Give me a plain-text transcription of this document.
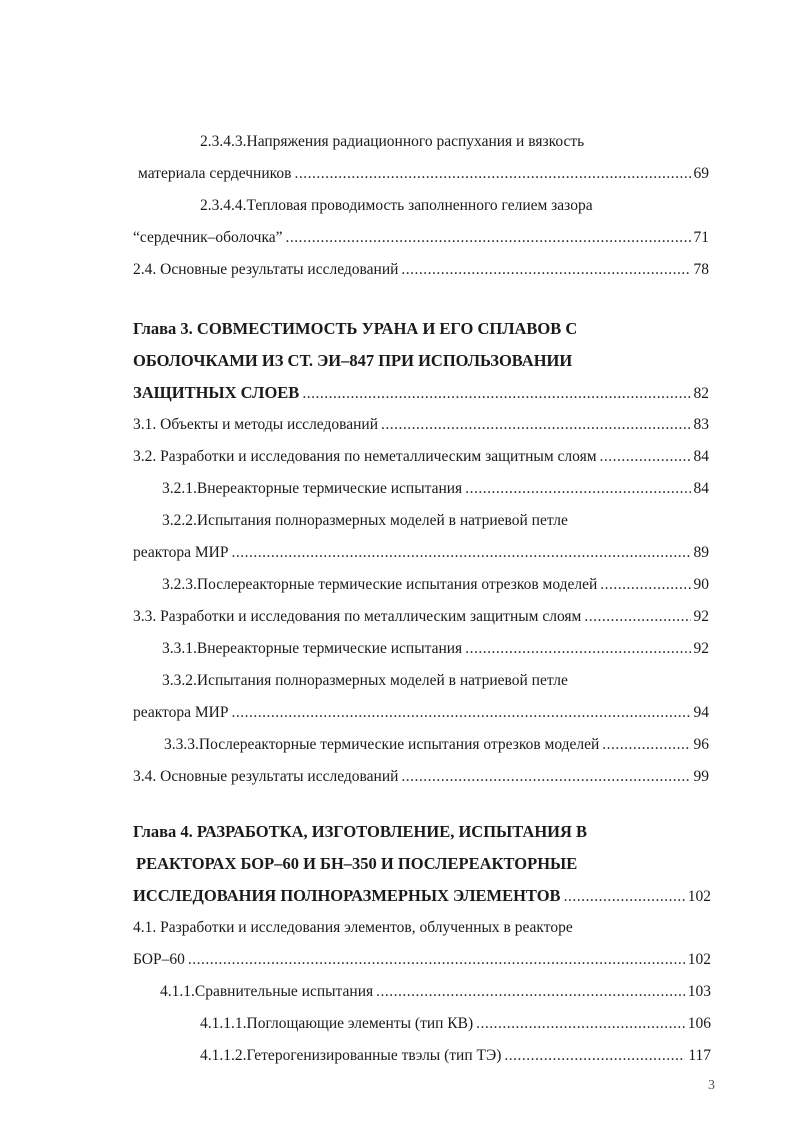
2.3.4.3.Напряжения радиационного распухания и вязкость
материала сердечников .....	69
2.3.4.4.Тепловая проводимость заполненного гелием зазора
“сердечник–оболочка” .....	71
2.4. Основные результаты исследований .....	78
Глава 3. СОВМЕСТИМОСТЬ УРАНА И ЕГО СПЛАВОВ С
ОБОЛОЧКАМИ ИЗ СТ. ЭИ–847 ПРИ ИСПОЛЬЗОВАНИИ
ЗАЩИТНЫХ СЛОЕВ .....	82
3.1. Объекты и методы исследований .....	83
3.2. Разработки и исследования по неметаллическим защитным слоям .....	84
3.2.1.Внереакторные термические испытания .....	84
3.2.2.Испытания полноразмерных моделей в натриевой петле
реактора МИР .....	89
3.2.3.Послереакторные термические испытания отрезков моделей .....	90
3.3. Разработки и исследования по металлическим защитным слоям .....	92
3.3.1.Внереакторные термические испытания .....	92
3.3.2.Испытания полноразмерных моделей в натриевой петле
реактора МИР .....	94
3.3.3.Послереакторные термические испытания отрезков моделей .....	96
3.4. Основные результаты исследований .....	99
Глава 4. РАЗРАБОТКА, ИЗГОТОВЛЕНИЕ, ИСПЫТАНИЯ В
РЕАКТОРАХ БОР–60 И БН–350 И ПОСЛЕРЕАКТОРНЫЕ
ИССЛЕДОВАНИЯ ПОЛНОРАЗМЕРНЫХ ЭЛЕМЕНТОВ .....	102
4.1. Разработки и исследования элементов, облученных в реакторе
БОР–60 .....	102
4.1.1.Сравнительные испытания .....	103
4.1.1.1.Поглощающие элементы (тип КВ) .....	106
4.1.1.2.Гетерогенизированные твэлы (тип ТЭ) .....	117
3
